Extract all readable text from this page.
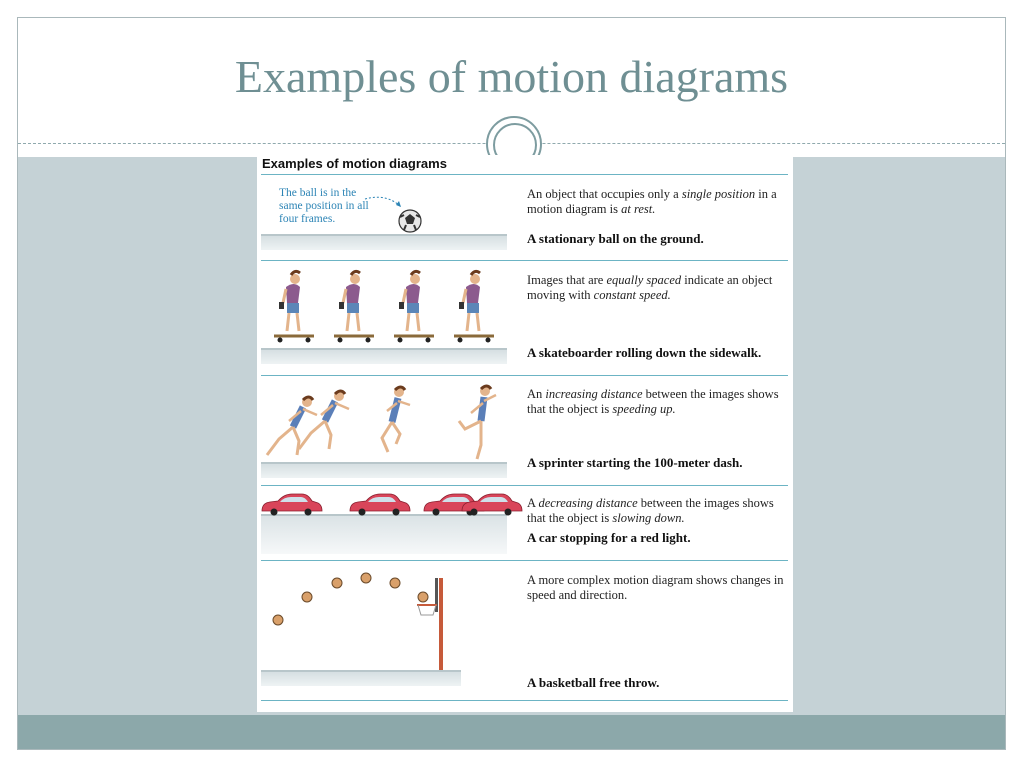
Examples of motion diagrams
Examples of motion diagrams
The ball is in the same position in all four frames.
An object that occupies only a single position in a motion diagram is at rest.
A stationary ball on the ground.
Images that are equally spaced indicate an object moving with constant speed.
A skateboarder rolling down the sidewalk.
An increasing distance between the images shows that the object is speeding up.
A sprinter starting the 100-meter dash.
A decreasing distance between the images shows that the object is slowing down.
A car stopping for a red light.
A more complex motion diagram shows changes in speed and direction.
A basketball free throw.
